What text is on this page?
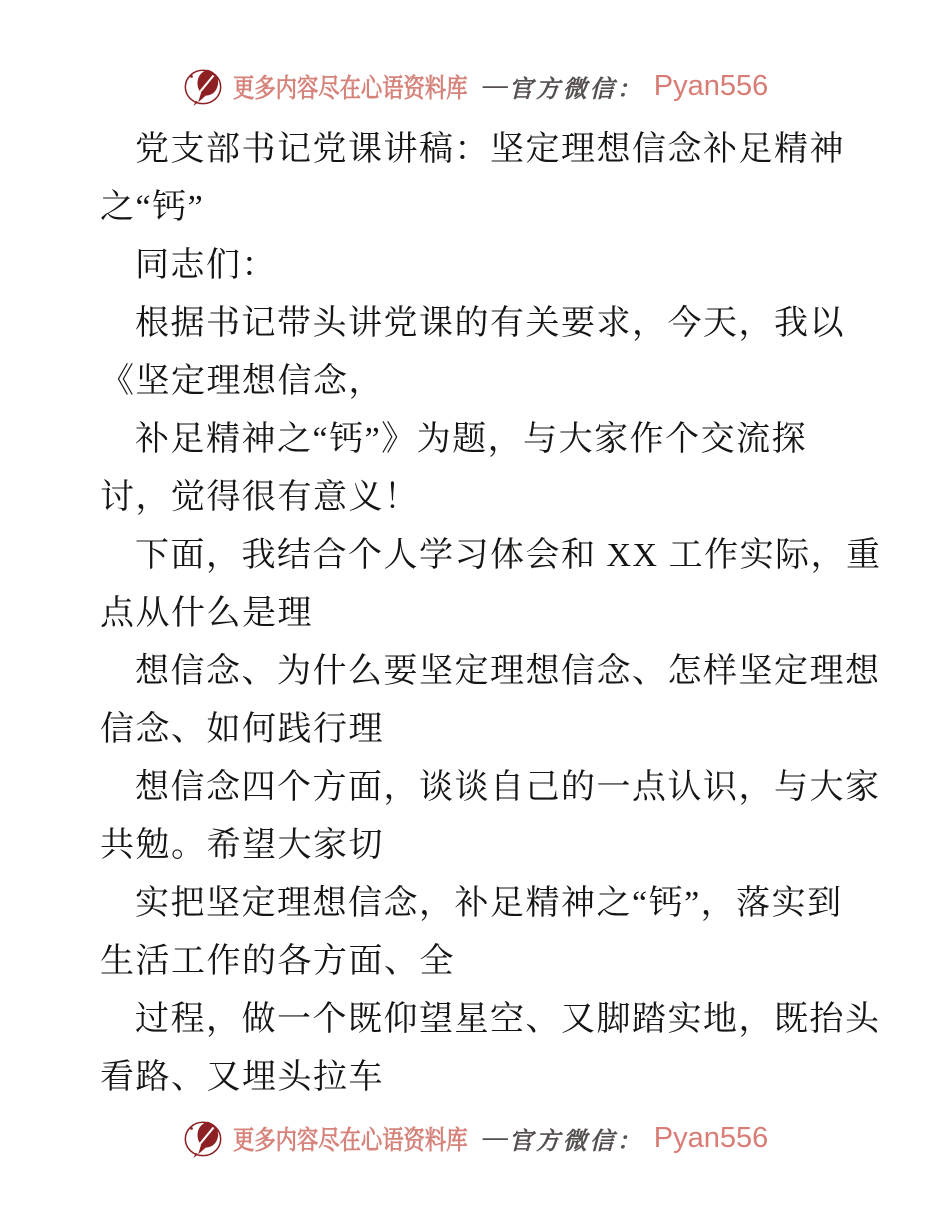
更多内容尽在心语资料库 — 官方微信： Pyan556

党支部书记党课讲稿：坚定理想信念补足精神

之“钙”

同志们：

根据书记带头讲党课的有关要求，今天，我以

《坚定理想信念，

补足精神之“钙”》为题，与大家作个交流探

讨，觉得很有意义！

下面，我结合个人学习体会和 XX 工作实际，重

点从什么是理

想信念、为什么要坚定理想信念、怎样坚定理想

信念、如何践行理

想信念四个方面，谈谈自己的一点认识，与大家

共勉。希望大家切

实把坚定理想信念，补足精神之“钙”，落实到

生活工作的各方面、全

过程，做一个既仰望星空、又脚踏实地，既抬头

看路、又埋头拉车

更多内容尽在心语资料库 — 官方微信： Pyan556
